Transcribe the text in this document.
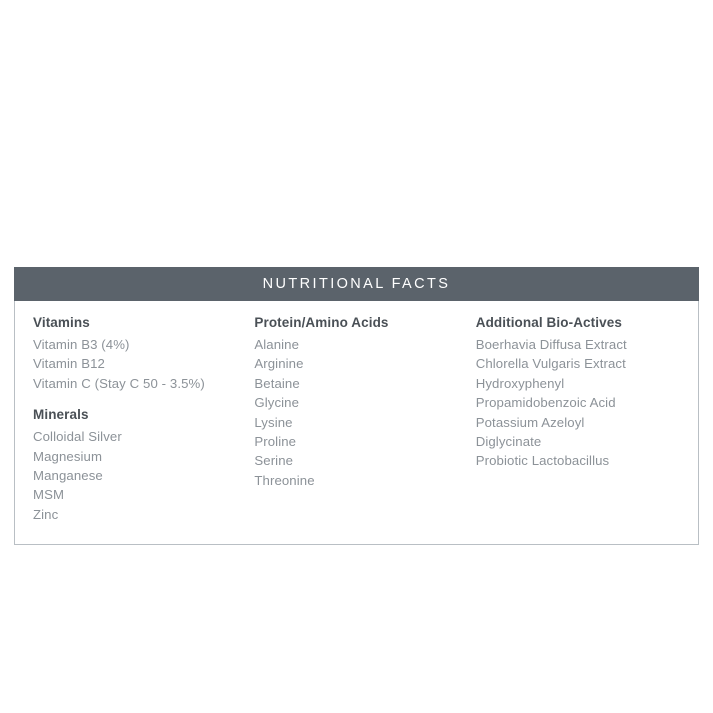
NUTRITIONAL FACTS
Vitamins
Vitamin B3 (4%)
Vitamin B12
Vitamin C (Stay C 50 - 3.5%)
Minerals
Colloidal Silver
Magnesium
Manganese
MSM
Zinc
Protein/Amino Acids
Alanine
Arginine
Betaine
Glycine
Lysine
Proline
Serine
Threonine
Additional Bio-Actives
Boerhavia Diffusa Extract
Chlorella Vulgaris Extract
Hydroxyphenyl
Propamidobenzoic Acid
Potassium Azeloyl
Diglycinate
Probiotic Lactobacillus
